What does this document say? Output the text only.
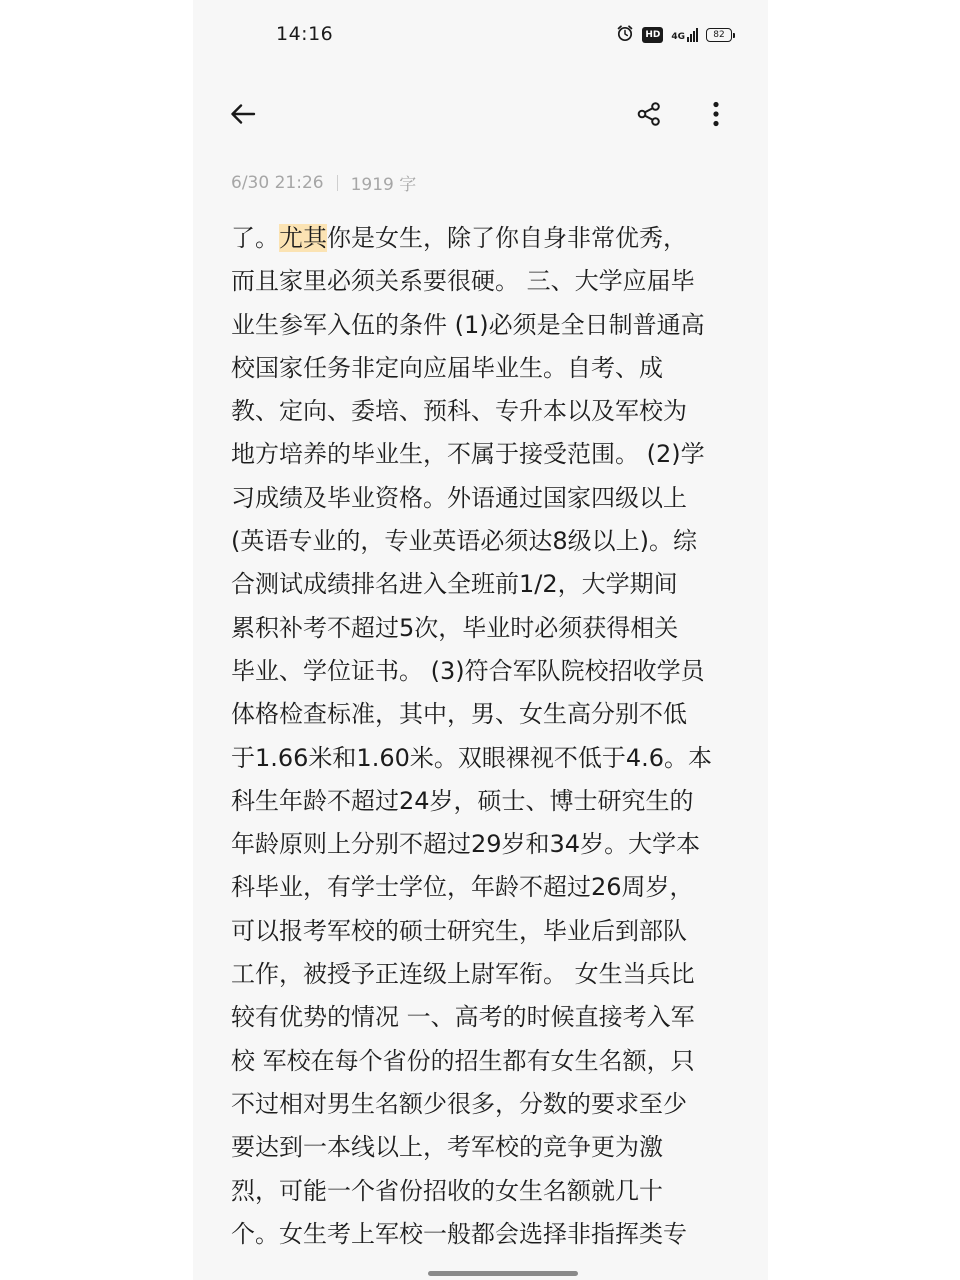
14:16	HD	4G	82
6/30 21:26 1919 字
了。尤其你是女生，除了你自身非常优秀，
而且家里必须关系要很硬。 三、大学应届毕
业生参军入伍的条件 (1)必须是全日制普通高
校国家任务非定向应届毕业生。自考、成
教、定向、委培、预科、专升本以及军校为
地方培养的毕业生，不属于接受范围。 (2)学
习成绩及毕业资格。外语通过国家四级以上
(英语专业的，专业英语必须达8级以上)。综
合测试成绩排名进入全班前1/2，大学期间
累积补考不超过5次，毕业时必须获得相关
毕业、学位证书。 (3)符合军队院校招收学员
体格检查标准，其中，男、女生高分别不低
于1.66米和1.60米。双眼裸视不低于4.6。本
科生年龄不超过24岁，硕士、博士研究生的
年龄原则上分别不超过29岁和34岁。大学本
科毕业，有学士学位，年龄不超过26周岁，
可以报考军校的硕士研究生，毕业后到部队
工作，被授予正连级上尉军衔。 女生当兵比
较有优势的情况 一、高考的时候直接考入军
校 军校在每个省份的招生都有女生名额，只
不过相对男生名额少很多，分数的要求至少
要达到一本线以上，考军校的竞争更为激
烈，可能一个省份招收的女生名额就几十
个。女生考上军校一般都会选择非指挥类专
